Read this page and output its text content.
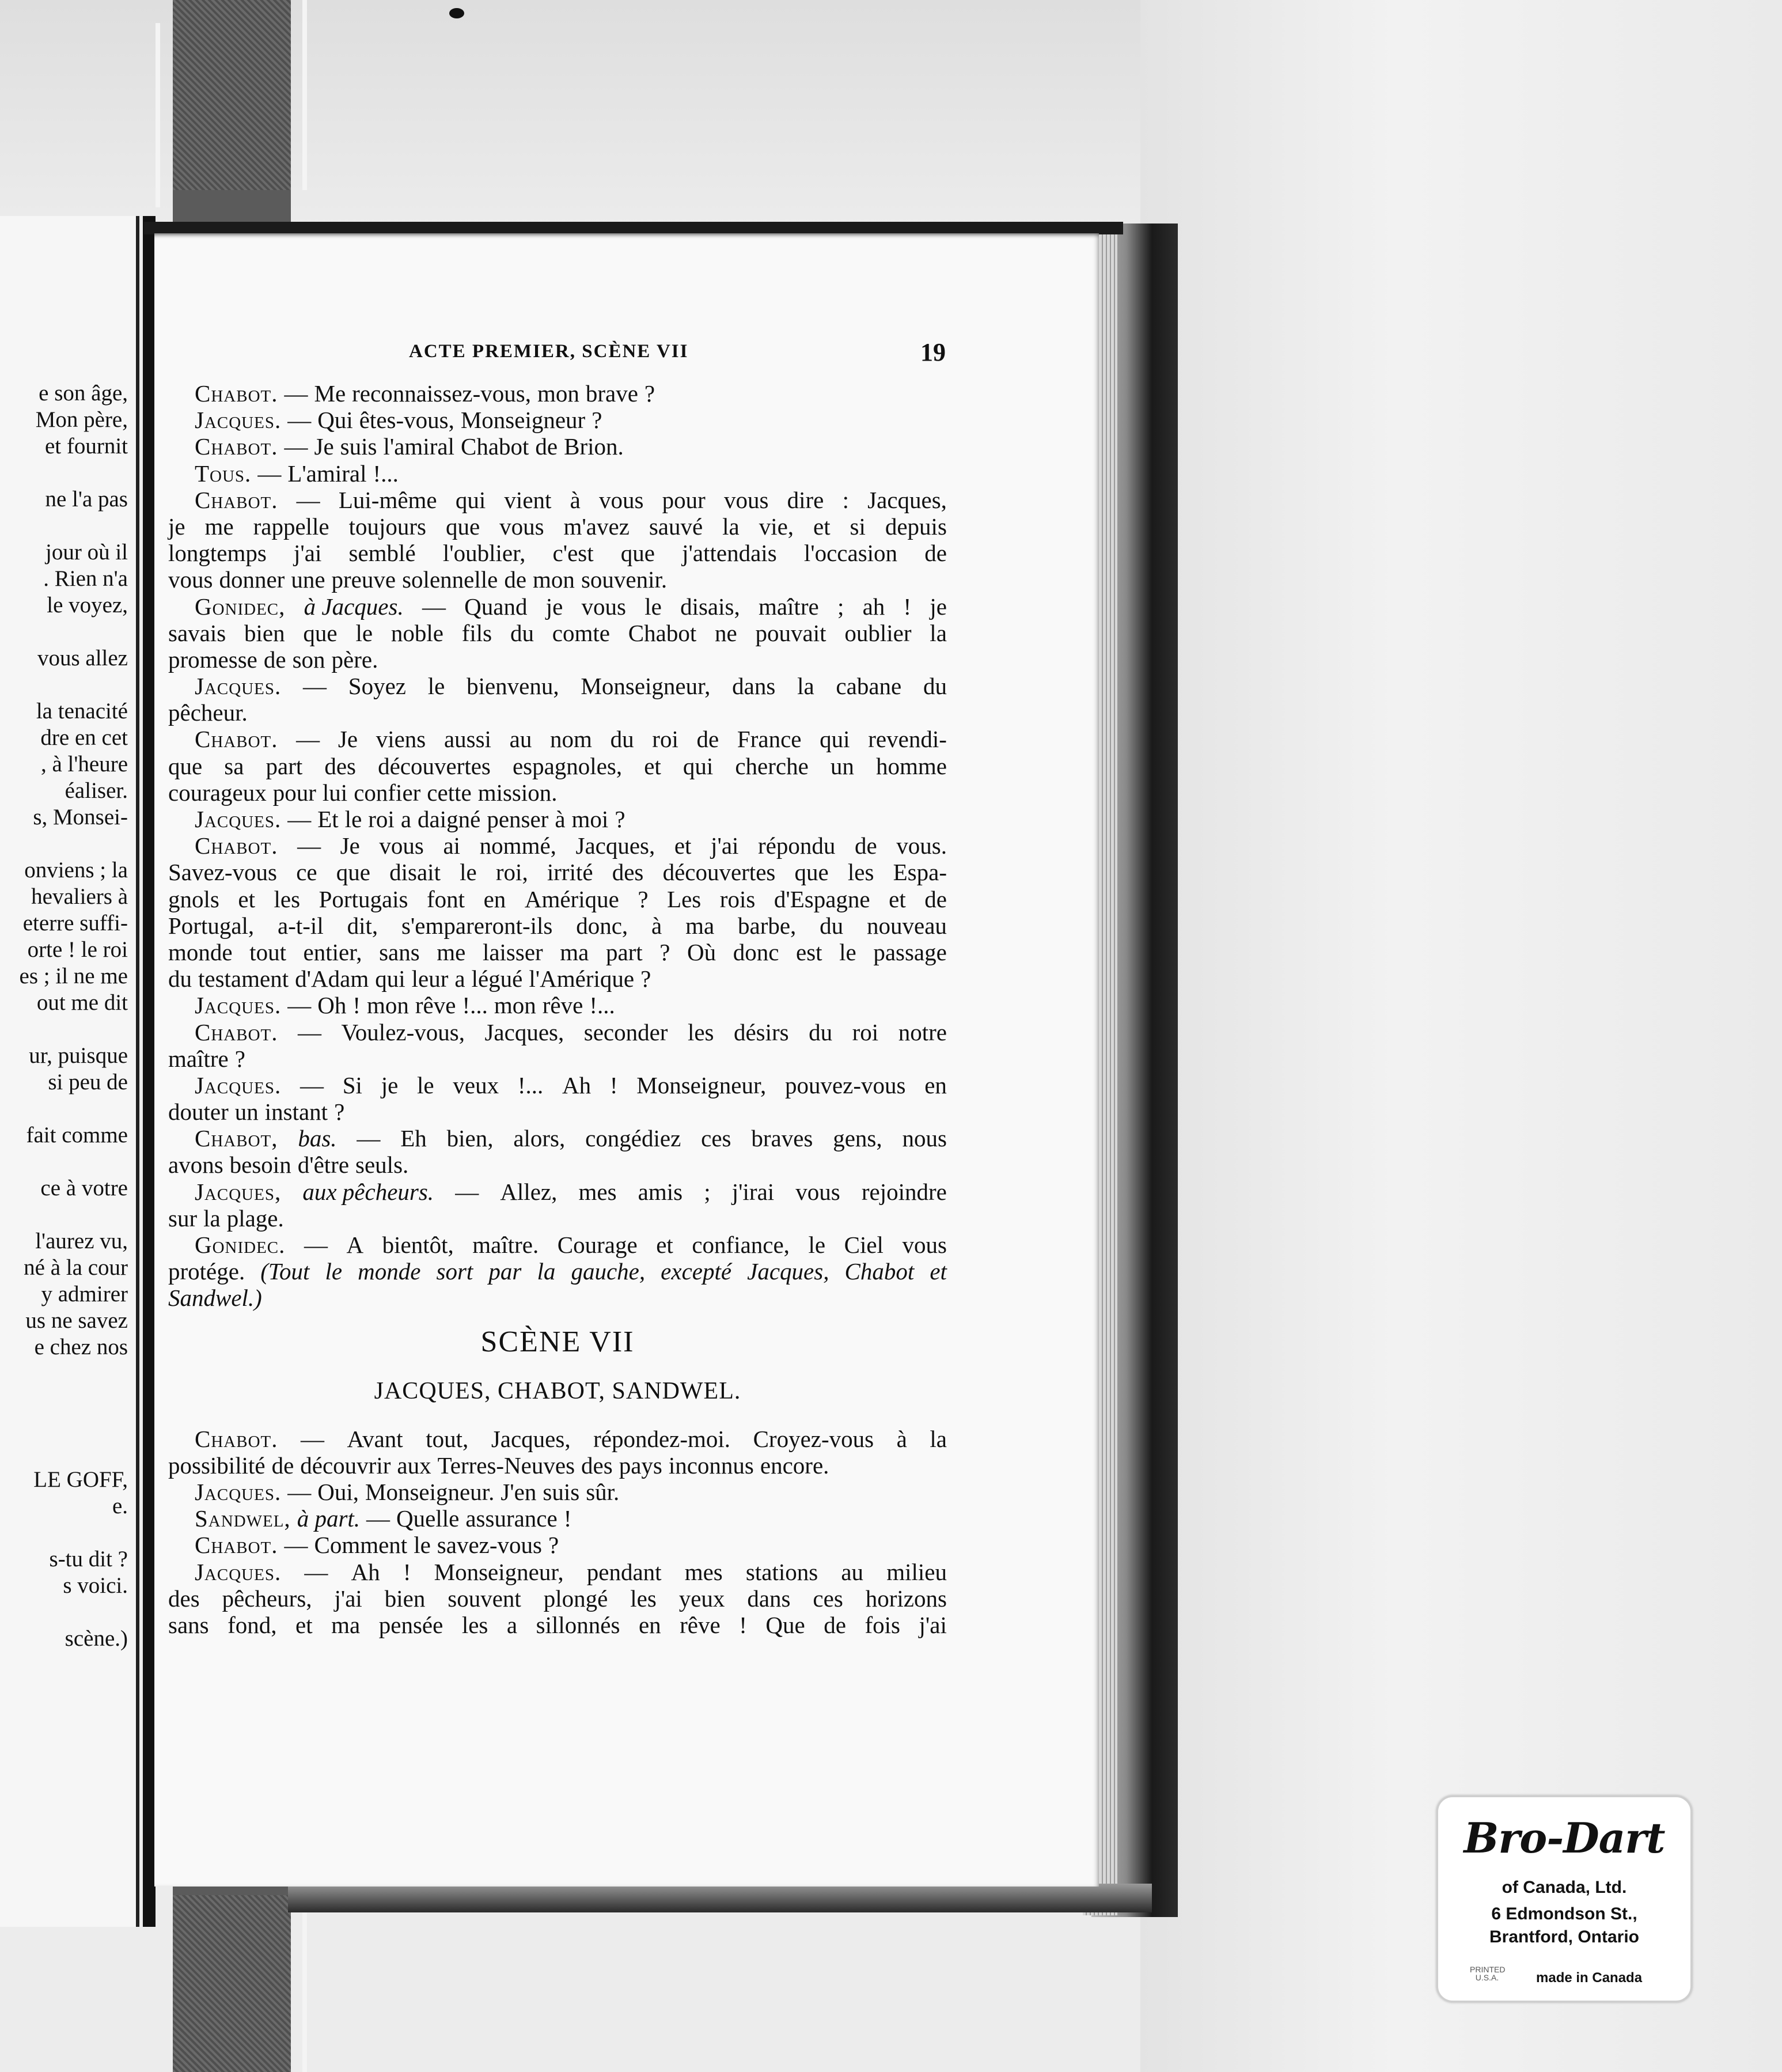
e son âge,
Mon père,
et fournit
ne l'a pas
jour où il
. Rien n'a
le voyez,
vous allez
la tenacité
dre en cet
, à l'heure
éaliser.
s, Monsei-
onviens ; la
hevaliers à
eterre suffi-
orte ! le roi
es ; il ne me
out me dit
ur, puisque
si peu de
fait comme
ce à votre
l'aurez vu,
né à la cour
y admirer
us ne savez
e chez nos
LE GOFF,
e.
s-tu dit ?
s voici.
scène.)
ACTE PREMIER, SCÈNE VII	19
Chabot. — Me reconnaissez-vous, mon brave ?
Jacques. — Qui êtes-vous, Monseigneur ?
Chabot. — Je suis l'amiral Chabot de Brion.
Tous. — L'amiral !...
Chabot. — Lui-même qui vient à vous pour vous dire : Jacques,
je me rappelle toujours que vous m'avez sauvé la vie, et si depuis
longtemps j'ai semblé l'oublier, c'est que j'attendais l'occasion de
vous donner une preuve solennelle de mon souvenir.
Gonidec, à Jacques. — Quand je vous le disais, maître ; ah ! je
savais bien que le noble fils du comte Chabot ne pouvait oublier la
promesse de son père.
Jacques. — Soyez le bienvenu, Monseigneur, dans la cabane du
pêcheur.
Chabot. — Je viens aussi au nom du roi de France qui revendi-
que sa part des découvertes espagnoles, et qui cherche un homme
courageux pour lui confier cette mission.
Jacques. — Et le roi a daigné penser à moi ?
Chabot. — Je vous ai nommé, Jacques, et j'ai répondu de vous.
Savez-vous ce que disait le roi, irrité des découvertes que les Espa-
gnols et les Portugais font en Amérique ? Les rois d'Espagne et de
Portugal, a-t-il dit, s'empareront-ils donc, à ma barbe, du nouveau
monde tout entier, sans me laisser ma part ? Où donc est le passage
du testament d'Adam qui leur a légué l'Amérique ?
Jacques. — Oh ! mon rêve !... mon rêve !...
Chabot. — Voulez-vous, Jacques, seconder les désirs du roi notre
maître ?
Jacques. — Si je le veux !... Ah ! Monseigneur, pouvez-vous en
douter un instant ?
Chabot, bas. — Eh bien, alors, congédiez ces braves gens, nous
avons besoin d'être seuls.
Jacques, aux pêcheurs. — Allez, mes amis ; j'irai vous rejoindre
sur la plage.
Gonidec. — A bientôt, maître. Courage et confiance, le Ciel vous
protége. (Tout le monde sort par la gauche, excepté Jacques, Chabot et
Sandwel.)
SCÈNE VII
JACQUES, CHABOT, SANDWEL.
Chabot. — Avant tout, Jacques, répondez-moi. Croyez-vous à la
possibilité de découvrir aux Terres-Neuves des pays inconnus encore.
Jacques. — Oui, Monseigneur. J'en suis sûr.
Sandwel, à part. — Quelle assurance !
Chabot. — Comment le savez-vous ?
Jacques. — Ah ! Monseigneur, pendant mes stations au milieu
des pêcheurs, j'ai bien souvent plongé les yeux dans ces horizons
sans fond, et ma pensée les a sillonnés en rêve ! Que de fois j'ai
Bro-Dart
of Canada, Ltd.
6 Edmondson St.,
Brantford, Ontario
PRINTED U.S.A.	made in Canada
